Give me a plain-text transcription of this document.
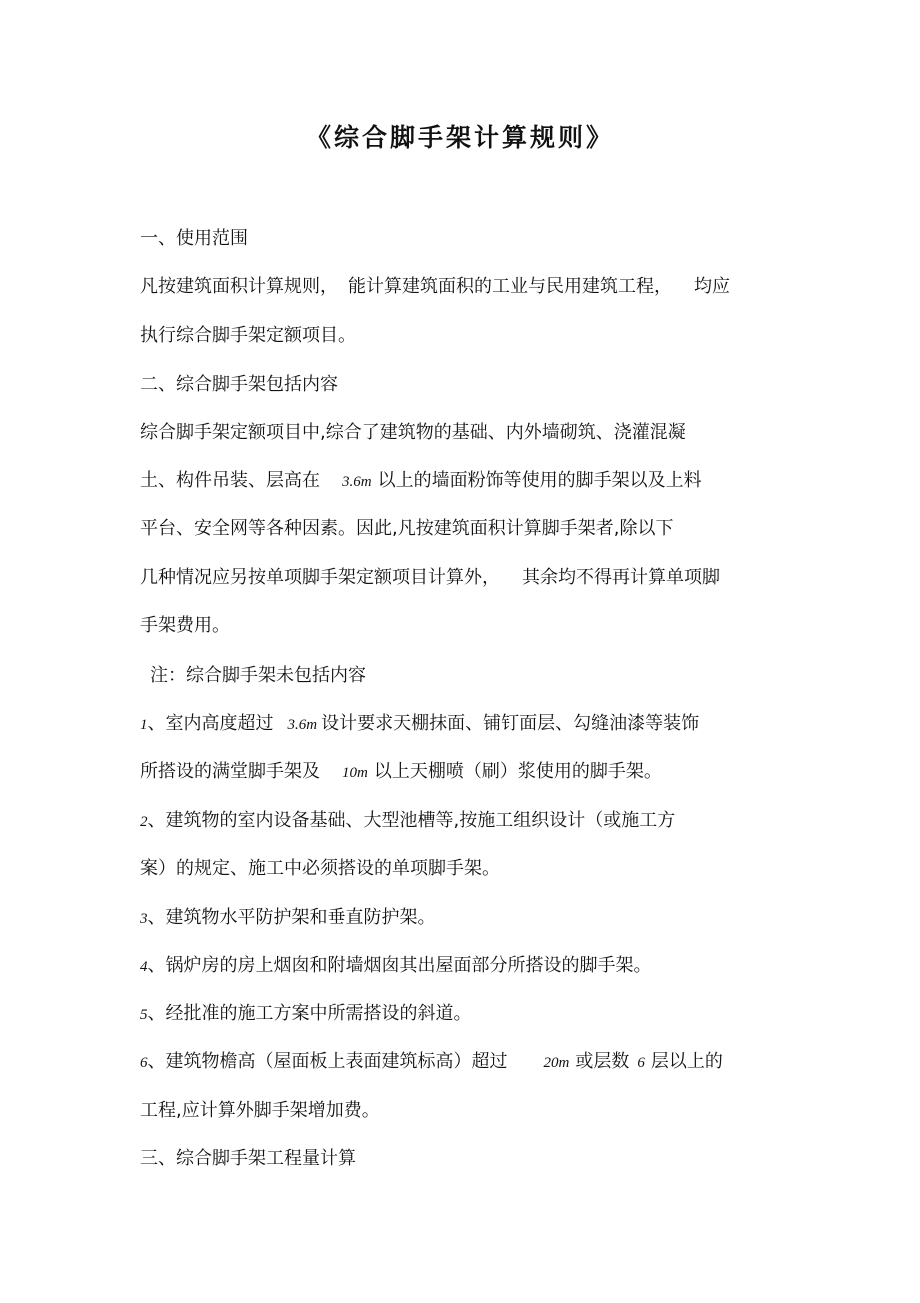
《综合脚手架计算规则》

一、使用范围

凡按建筑面积计算规则， 能计算建筑面积的工业与民用建筑工程， 均应

执行综合脚手架定额项目。

二、综合脚手架包括内容

综合脚手架定额项目中,综合了建筑物的基础、内外墙砌筑、浇灌混凝

土、构件吊装、层高在 3.6m 以上的墙面粉饰等使用的脚手架以及上料

平台、安全网等各种因素。因此,凡按建筑面积计算脚手架者,除以下

几种情况应另按单项脚手架定额项目计算外， 其余均不得再计算单项脚

手架费用。

注：综合脚手架未包括内容

1、室内高度超过 3.6m 设计要求天棚抹面、铺钉面层、勾缝油漆等装饰

所搭设的满堂脚手架及 10m 以上天棚喷（刷）浆使用的脚手架。

2、建筑物的室内设备基础、大型池槽等,按施工组织设计（或施工方

案）的规定、施工中必须搭设的单项脚手架。

3、建筑物水平防护架和垂直防护架。

4、锅炉房的房上烟囱和附墙烟囱其出屋面部分所搭设的脚手架。

5、经批准的施工方案中所需搭设的斜道。

6、建筑物檐高（屋面板上表面建筑标高）超过 20m 或层数 6 层以上的

工程,应计算外脚手架增加费。

三、综合脚手架工程量计算
